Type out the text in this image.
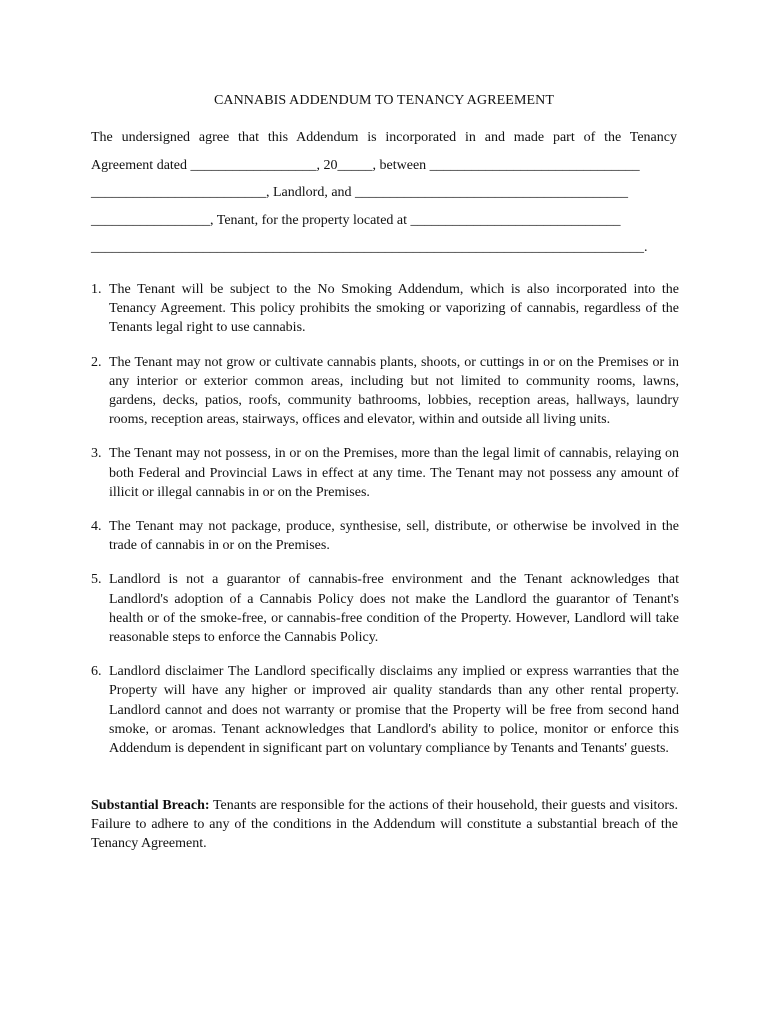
CANNABIS ADDENDUM TO TENANCY AGREEMENT
The undersigned agree that this Addendum is incorporated in and made part of the Tenancy
Agreement dated __________________, 20_____, between ______________________________
_________________________, Landlord, and _______________________________________
_________________, Tenant, for the property located at ______________________________
_______________________________________________________________________________.
1. The Tenant will be subject to the No Smoking Addendum, which is also incorporated into the Tenancy Agreement. This policy prohibits the smoking or vaporizing of cannabis, regardless of the Tenants legal right to use cannabis.
2. The Tenant may not grow or cultivate cannabis plants, shoots, or cuttings in or on the Premises or in any interior or exterior common areas, including but not limited to community rooms, lawns, gardens, decks, patios, roofs, community bathrooms, lobbies, reception areas, hallways, laundry rooms, reception areas, stairways, offices and elevator, within and outside all living units.
3. The Tenant may not possess, in or on the Premises, more than the legal limit of cannabis, relaying on both Federal and Provincial Laws in effect at any time. The Tenant may not possess any amount of illicit or illegal cannabis in or on the Premises.
4. The Tenant may not package, produce, synthesise, sell, distribute, or otherwise be involved in the trade of cannabis in or on the Premises.
5. Landlord is not a guarantor of cannabis-free environment and the Tenant acknowledges that Landlord's adoption of a Cannabis Policy does not make the Landlord the guarantor of Tenant's health or of the smoke-free, or cannabis-free condition of the Property. However, Landlord will take reasonable steps to enforce the Cannabis Policy.
6. Landlord disclaimer The Landlord specifically disclaims any implied or express warranties that the Property will have any higher or improved air quality standards than any other rental property. Landlord cannot and does not warranty or promise that the Property will be free from second hand smoke, or aromas. Tenant acknowledges that Landlord's ability to police, monitor or enforce this Addendum is dependent in significant part on voluntary compliance by Tenants and Tenants' guests.
Substantial Breach: Tenants are responsible for the actions of their household, their guests and visitors. Failure to adhere to any of the conditions in the Addendum will constitute a substantial breach of the Tenancy Agreement.
